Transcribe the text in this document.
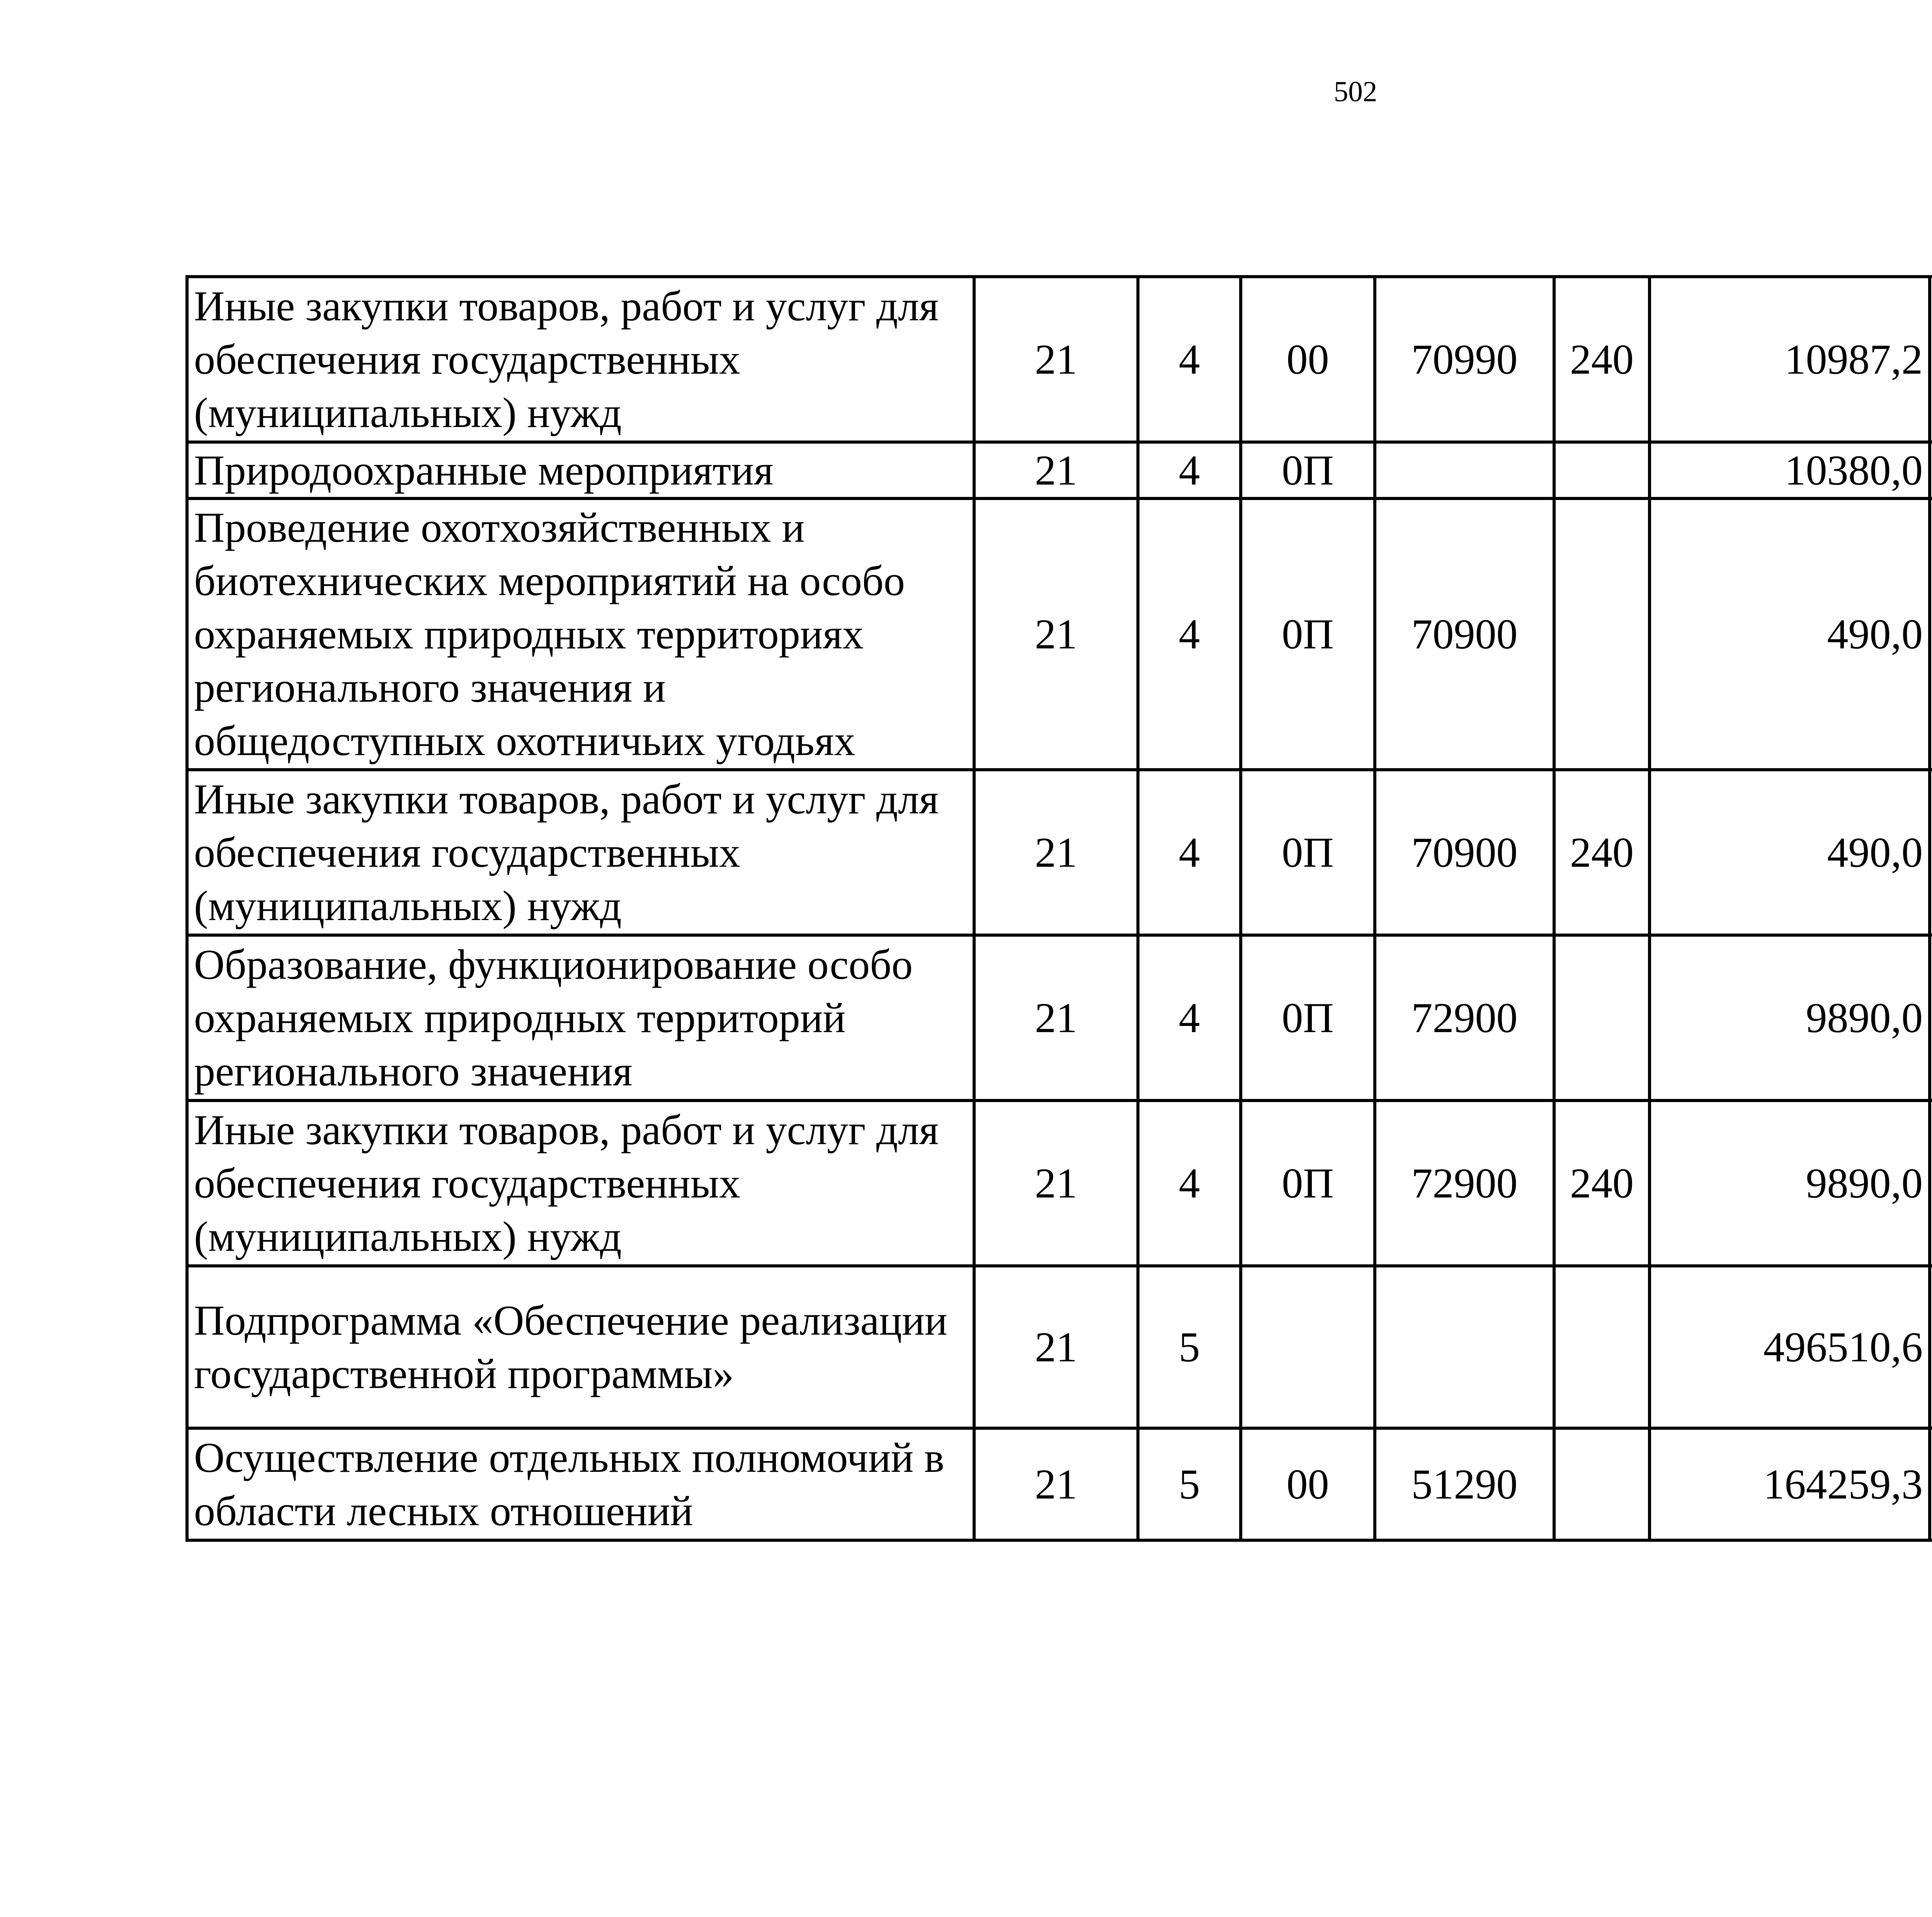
502
Иные закупки товаров, работ и услуг для обеспечения государственных (муниципальных) нужд	21	4	00	70990	240	10987,2		
Природоохранные мероприятия	21	4	0П			10380,0		
Проведение охотхозяйственных и биотехнических мероприятий на особо охраняемых природных территориях регионального значения и общедоступных охотничьих угодьях	21	4	0П	70900		490,0		
Иные закупки товаров, работ и услуг для обеспечения государственных (муниципальных) нужд	21	4	0П	70900	240	490,0		
Образование, функционирование особо охраняемых природных территорий регионального значения	21	4	0П	72900		9890,0		
Иные закупки товаров, работ и услуг для обеспечения государственных (муниципальных) нужд	21	4	0П	72900	240	9890,0		
Подпрограмма «Обеспечение реализации государственной программы»	21	5				496510,6		
Осуществление отдельных полномочий в области лесных отношений	21	5	00	51290		164259,3		
